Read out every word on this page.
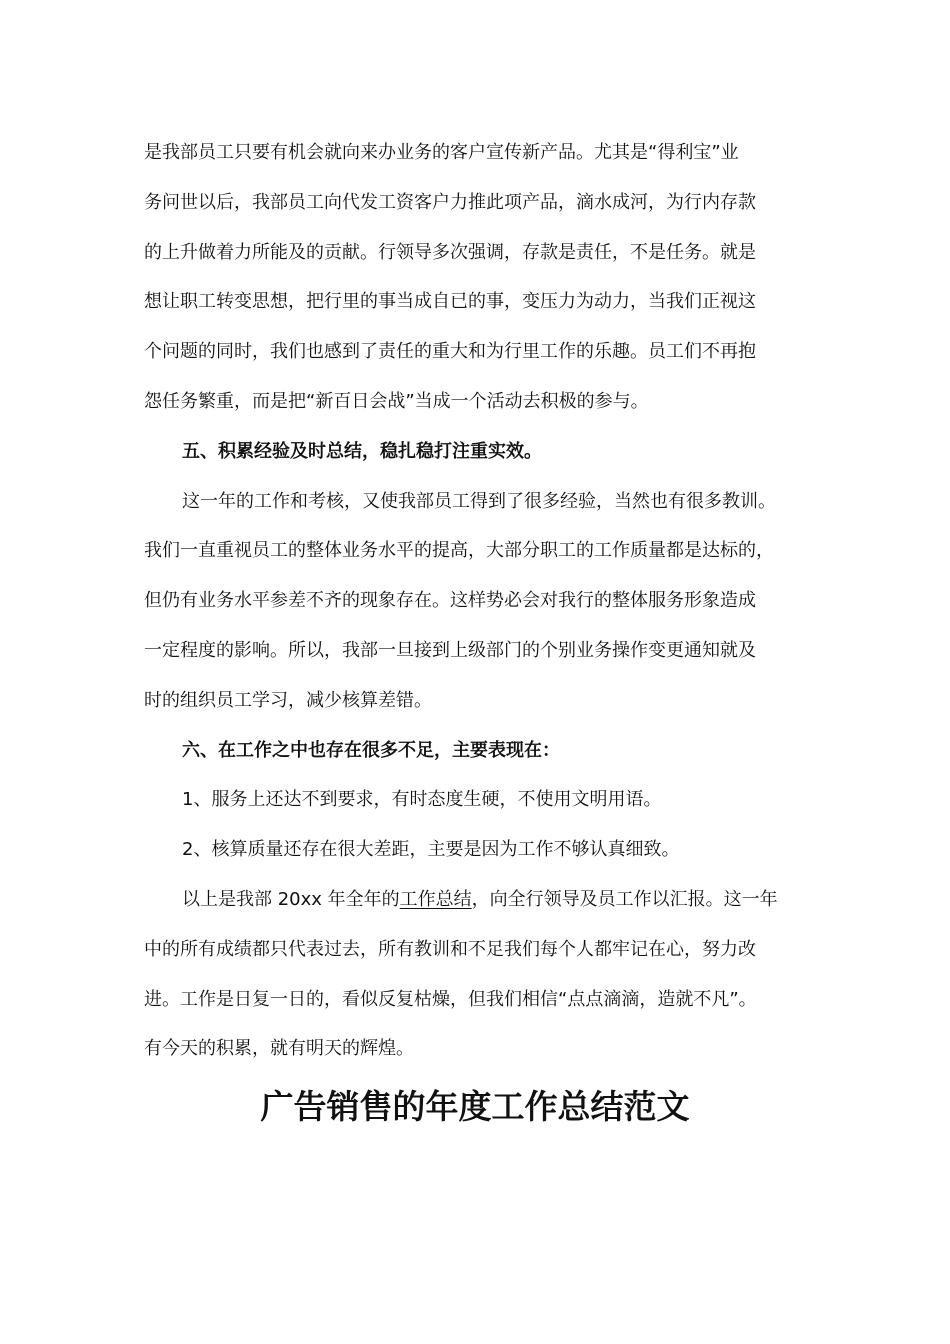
是我部员工只要有机会就向来办业务的客户宣传新产品。尤其是“得利宝”业
务问世以后，我部员工向代发工资客户力推此项产品，滴水成河，为行内存款
的上升做着力所能及的贡献。行领导多次强调，存款是责任，不是任务。就是
想让职工转变思想，把行里的事当成自已的事，变压力为动力，当我们正视这
个问题的同时，我们也感到了责任的重大和为行里工作的乐趣。员工们不再抱
怨任务繁重，而是把“新百日会战”当成一个活动去积极的参与。
五、积累经验及时总结，稳扎稳打注重实效。
这一年的工作和考核，又使我部员工得到了很多经验，当然也有很多教训。
我们一直重视员工的整体业务水平的提高，大部分职工的工作质量都是达标的，
但仍有业务水平参差不齐的现象存在。这样势必会对我行的整体服务形象造成
一定程度的影响。所以，我部一旦接到上级部门的个别业务操作变更通知就及
时的组织员工学习，减少核算差错。
六、在工作之中也存在很多不足，主要表现在：
1、服务上还达不到要求，有时态度生硬，不使用文明用语。
2、核算质量还存在很大差距，主要是因为工作不够认真细致。
以上是我部 20xx 年全年的工作总结，向全行领导及员工作以汇报。这一年
中的所有成绩都只代表过去，所有教训和不足我们每个人都牢记在心，努力改
进。工作是日复一日的，看似反复枯燥，但我们相信“点点滴滴，造就不凡”。
有今天的积累，就有明天的辉煌。
广告销售的年度工作总结范文
